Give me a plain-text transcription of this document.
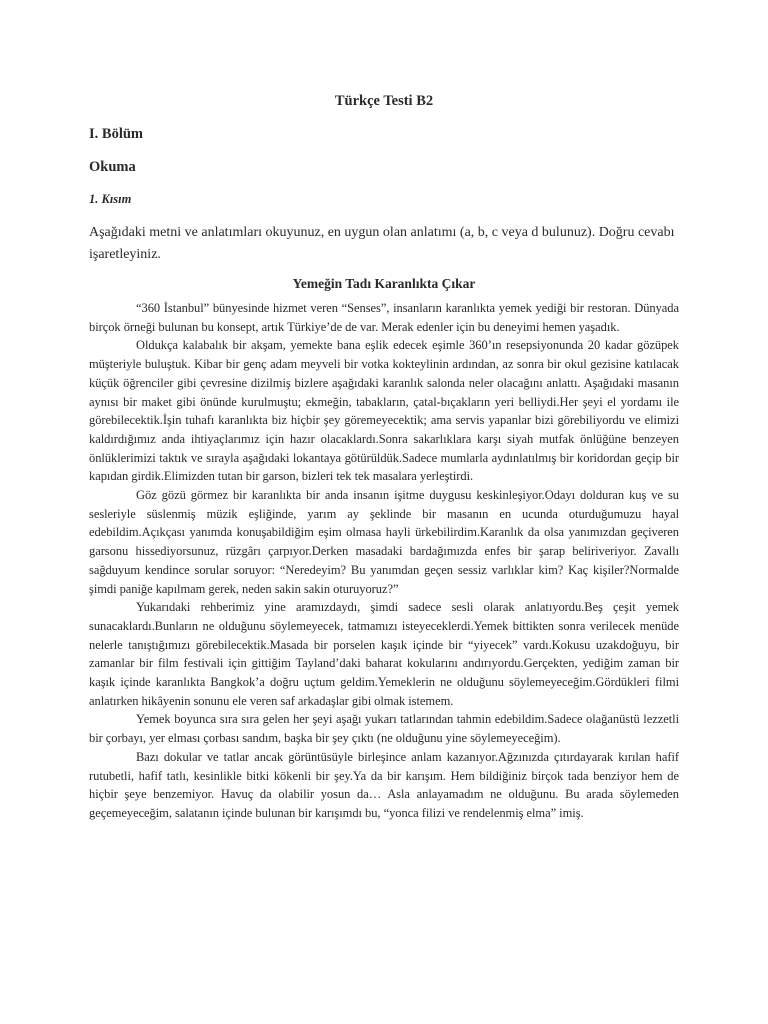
Türkçe Testi B2
I. Bölüm
Okuma
1. Kısım

Aşağıdaki metni ve anlatımları okuyunuz, en uygun olan anlatımı (a, b, c veya d bulunuz). Doğru cevabı işaretleyiniz.

Yemeğin Tadı Karanlıkta Çıkar

“360 İstanbul” bünyesinde hizmet veren “Senses”, insanların karanlıkta yemek yediği bir restoran. Dünyada birçok örneği bulunan bu konsept, artık Türkiye’de de var. Merak edenler için bu deneyimi hemen yaşadık.

Oldukça kalabalık bir akşam, yemekte bana eşlik edecek eşimle 360’ın resepsiyonunda 20 kadar gözüpek müşteriyle buluştuk. Kibar bir genç adam meyveli bir votka kokteylinin ardından, az sonra bir okul gezisine katılacak küçük öğrenciler gibi çevresine dizilmiş bizlere aşağıdaki karanlık salonda neler olacağını anlattı. Aşağıdaki masanın aynısı bir maket gibi önünde kurulmuştu; ekmeğin, tabakların, çatal-bıçakların yeri belliydi.Her şeyi el yordamı ile görebilecektik.İşin tuhafı karanlıkta biz hiçbir şey göremeyecektik; ama servis yapanlar bizi görebiliyordu ve elimizi kaldırdığımız anda ihtiyaçlarımız için hazır olacaklardı.Sonra sakarlıklara karşı siyah mutfak önlüğüne benzeyen önlüklerimizi taktık ve sırayla aşağıdaki lokantaya götürüldük.Sadece mumlarla aydınlatılmış bir koridordan geçip bir kapıdan girdik.Elimizden tutan bir garson, bizleri tek tek masalara yerleştirdi.

Göz gözü görmez bir karanlıkta bir anda insanın işitme duygusu keskinleşiyor.Odayı dolduran kuş ve su sesleriyle süslenmiş müzik eşliğinde, yarım ay şeklinde bir masanın en ucunda oturduğumuzu hayal edebildim.Açıkçası yanımda konuşabildiğim eşim olmasa hayli ürkebilirdim.Karanlık da olsa yanımızdan geçiveren garsonu hissediyorsunuz, rüzgârı çarpıyor.Derken masadaki bardağımızda enfes bir şarap beliriveriyor. Zavallı sağduyum kendince sorular soruyor: “Neredeyim? Bu yanımdan geçen sessiz varlıklar kim? Kaç kişiler?Normalde şimdi paniğe kapılmam gerek, neden sakin sakin oturuyoruz?”

Yukarıdaki rehberimiz yine aramızdaydı, şimdi sadece sesli olarak anlatıyordu.Beş çeşit yemek sunacaklardı.Bunların ne olduğunu söylemeyecek, tatmamızı isteyeceklerdi.Yemek bittikten sonra verilecek menüde nelerle tanıştığımızı görebilecektik.Masada bir porselen kaşık içinde bir “yiyecek” vardı.Kokusu uzakdoğuyu, bir zamanlar bir film festivali için gittiğim Tayland’daki baharat kokularını andırıyordu.Gerçekten, yediğim zaman bir kaşık içinde karanlıkta Bangkok’a doğru uçtum geldim.Yemeklerin ne olduğunu söylemeyeceğim.Gördükleri filmi anlatırken hikâyenin sonunu ele veren saf arkadaşlar gibi olmak istemem.

Yemek boyunca sıra sıra gelen her şeyi aşağı yukarı tatlarından tahmin edebildim.Sadece olağanüstü lezzetli bir çorbayı, yer elması çorbası sandım, başka bir şey çıktı (ne olduğunu yine söylemeyeceğim).

Bazı dokular ve tatlar ancak görüntüsüyle birleşince anlam kazanıyor.Ağzınızda çıtırdayarak kırılan hafif rutubetli, hafif tatlı, kesinlikle bitki kökenli bir şey.Ya da bir karışım. Hem bildiğiniz birçok tada benziyor hem de hiçbir şeye benzemiyor. Havuç da olabilir yosun da… Asla anlayamadım ne olduğunu. Bu arada söylemeden geçemeyeceğim, salatanın içinde bulunan bir karışımdı bu, “yonca filizi ve rendelenmiş elma” imiş.
